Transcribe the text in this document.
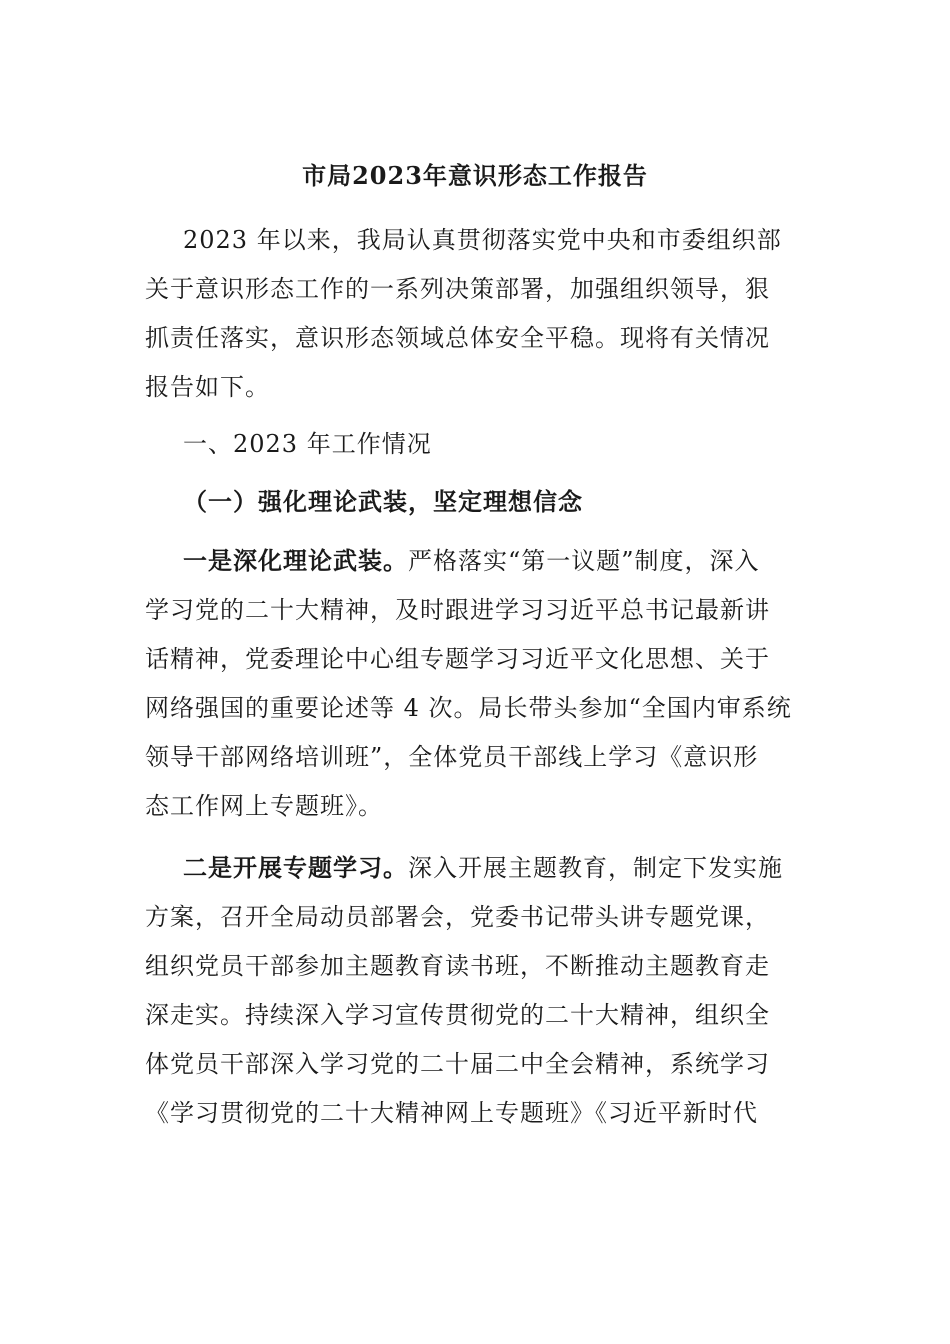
市局2023年意识形态工作报告

2023 年以来，我局认真贯彻落实党中央和市委组织部

关于意识形态工作的一系列决策部署，加强组织领导，狠

抓责任落实，意识形态领域总体安全平稳。现将有关情况

报告如下。

一、2023 年工作情况

（一）强化理论武装，坚定理想信念

一是深化理论武装。严格落实“第一议题”制度，深入

学习党的二十大精神，及时跟进学习习近平总书记最新讲

话精神，党委理论中心组专题学习习近平文化思想、关于

网络强国的重要论述等 4 次。局长带头参加“全国内审系统

领导干部网络培训班”，全体党员干部线上学习《意识形

态工作网上专题班》。

二是开展专题学习。深入开展主题教育，制定下发实施

方案，召开全局动员部署会，党委书记带头讲专题党课，

组织党员干部参加主题教育读书班，不断推动主题教育走

深走实。持续深入学习宣传贯彻党的二十大精神，组织全

体党员干部深入学习党的二十届二中全会精神，系统学习

《学习贯彻党的二十大精神网上专题班》《习近平新时代
